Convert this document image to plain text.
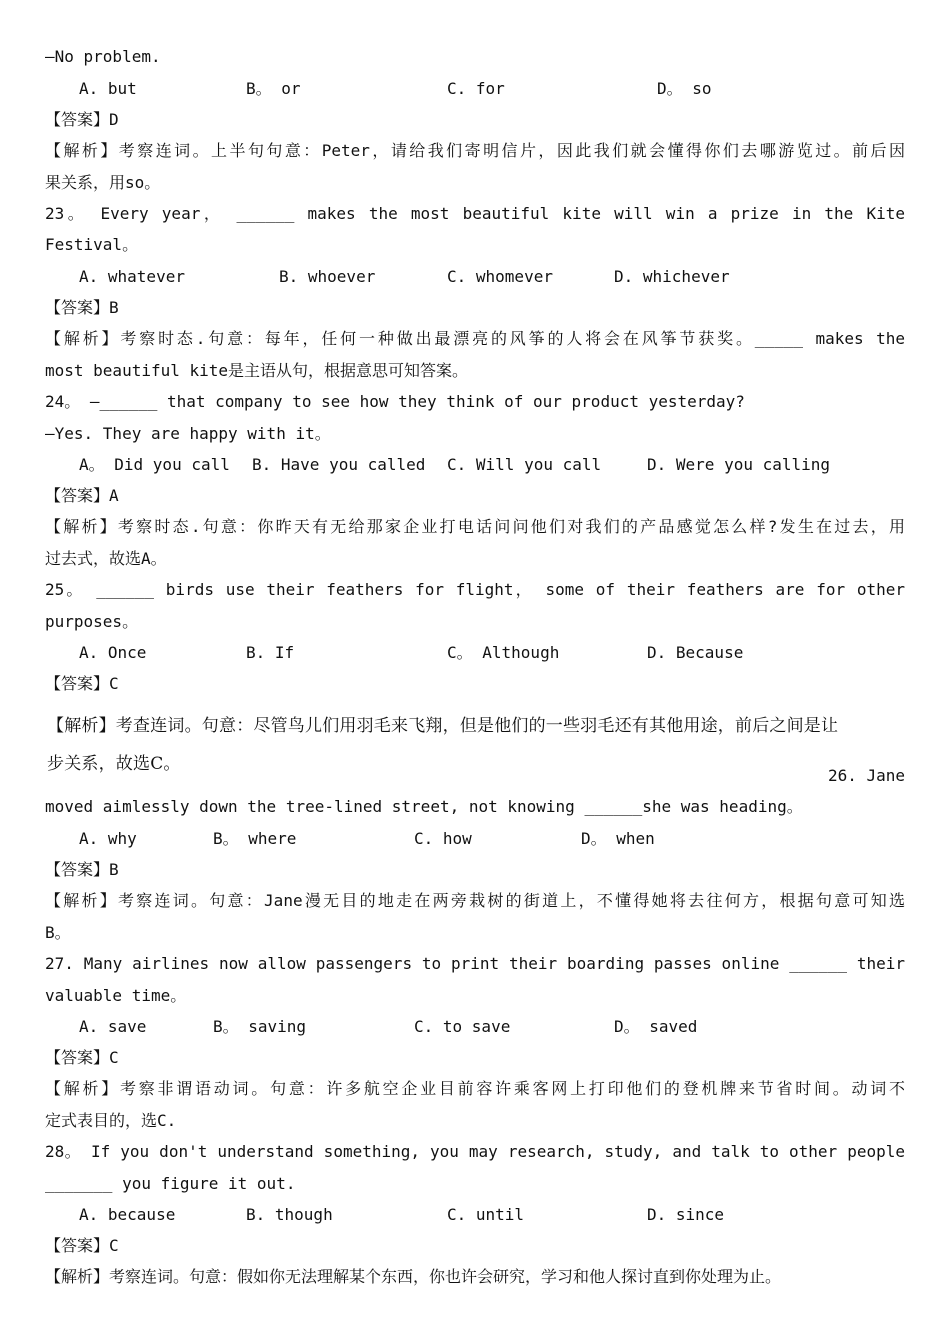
—No problem.

A. but	B。 or	C. for	D。 so

【答案】D

【解析】考察连词。上半句句意：Peter，请给我们寄明信片，因此我们就会懂得你们去哪游览过。前后因

果关系，用so。

23。 Every year， ______ makes the most beautiful kite will win a prize in the Kite

Festival。

A. whatever	B. whoever	C. whomever	D. whichever

【答案】B

【解析】考察时态.句意：每年，任何一种做出最漂亮的风筝的人将会在风筝节获奖。_____ makes the

most beautiful kite是主语从句，根据意思可知答案。

24。 —______ that company to see how they think of our product yesterday?

—Yes. They are happy with it。

A。 Did you call B. Have you called C. Will you call	D. Were you calling

【答案】A

【解析】考察时态.句意：你昨天有无给那家企业打电话问问他们对我们的产品感觉怎么样?发生在过去，用

过去式，故选A。

25。 ______ birds use their feathers for flight， some of their feathers are for other

purposes。

A. Once	B. If	C。 Although	D. Because

【答案】C

【解析】考查连词。句意：尽管鸟儿们用羽毛来飞翔，但是他们的一些羽毛还有其他用途，前后之间是让

步关系，故选C。

26. Jane

moved aimlessly down the tree-lined street, not knowing ______she was heading。

A. why	B。 where	C. how	D。 when

【答案】B

【解析】考察连词。句意：Jane漫无目的地走在两旁栽树的街道上，不懂得她将去往何方，根据句意可知选

B。

27. Many airlines now allow passengers to print their boarding passes online ______ their

valuable time。

A. save	B。 saving	C. to save	D。 saved

【答案】C

【解析】考察非谓语动词。句意：许多航空企业目前容许乘客网上打印他们的登机牌来节省时间。动词不

定式表目的，选C.

28。 If you don't understand something, you may research, study, and talk to other people

_______ you figure it out.

A. because	B. though	C. until	D. since

【答案】C

【解析】考察连词。句意：假如你无法理解某个东西，你也许会研究，学习和他人探讨直到你处理为止。
